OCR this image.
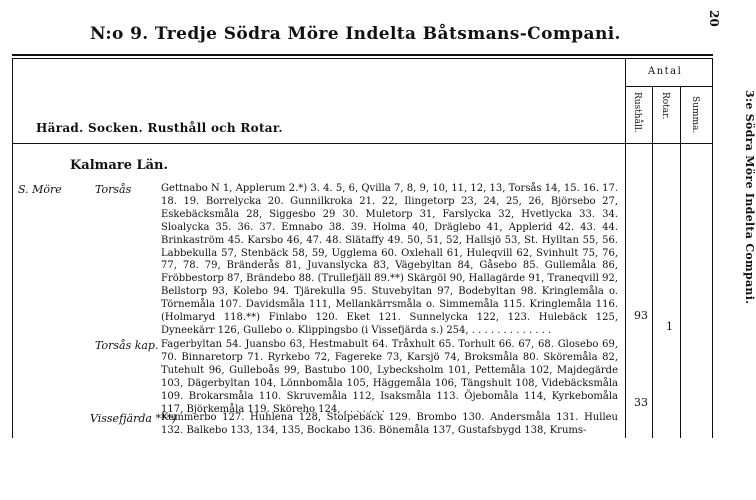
N:o 9. Tredje Södra Möre Indelta Båtsmans-Compani.
20
3:e Södra Möre Indelta Compani.
Härad. Socken. Rusthåll och Rotar.
Antal
Rusthåll. Rotar. Summa.
Kalmare Län.
S. Möre	Torsås	Gettnabo N 1, Applerum 2.*) 3. 4. 5, 6, Qvilla 7, 8, 9, 10, 11, 12, 13, Torsås 14, 15. 16. 17. 18. 19. Borrelycka 20. Gunnilkroka 21. 22, Ilingetorp 23, 24, 25, 26, Björsebo 27, Eskebäcksmåla 28, Siggesbo 29 30. Muletorp 31, Farslycka 32, Hvetlycka 33. 34. Sloalycka 35. 36. 37. Emnabo 38. 39. Holma 40, Dräglebo 41, Applerid 42. 43. 44. Brinkaström 45. Karsbo 46, 47. 48. Slätaffy 49. 50, 51, 52, Hallsjö 53, St. Hylltan 55, 56. Labbekulla 57, Stenbäck 58, 59, Ugglema 60. Oxlehall 61, Huleqvill 62, Svinhult 75, 76, 77, 78. 79, Bränderås 81, Juvanslycka 83, Vägebyltan 84, Gåsebo 85. Gullemåla 86, Fröbbestorp 87, Brändebo 88. (Trullefjäll 89.**) Skärgöl 90, Hallagärde 91, Traneqvill 92, Bellstorp 93, Kolebo 94. Tjärekulla 95. Stuvebyltan 97, Bodebyltan 98. Kringlemåla o. Törnemåla 107. Davidsmåla 111, Mellankärrsmåla o. Simmemåla 115. Kringlemåla 116. (Holmaryd 118.**) Finlabo 120. Eket 121. Sunnelycka 122, 123. Hulebäck 125, Dyneekärr 126, Gullebo o. Klippingsbo (i Vissefjärda s.) 254, . . . . . . . . . . . . .
93
1
Torsås kap. Fagerbyltan 54. Juansbo 63, Hestmabult 64. Tråxhult 65. Torhult 66. 67, 68. Glosebo 69, 70. Binnaretorp 71. Ryrkebo 72, Fagereke 73, Karsjö 74, Broksmåla 80. Sköremåla 82, Tutehult 96, Gulleboås 99, Bastubo 100, Lybecksholm 101, Pettemåla 102, Majdegärde 103, Dägerbyltan 104, Lönnbomåla 105, Häggemåla 106, Tängshult 108, Videbäcksmåla 109. Brokarsmåla 110. Skruvemåla 112, Isaksmåla 113. Öjebomåla 114, Kyrkebomåla 117, Björkemåla 119. Sköreho 124, . . . . . . .
33
Vissefjärda ***)
Kammerbo 127. Huhlena 128, Stolpebäck 129. Brombo 130. Andersmåla 131. Hulleu 132. Balkebo 133, 134, 135, Bockabo 136. Bönemåla 137, Gustafsbygd 138, Krums-
